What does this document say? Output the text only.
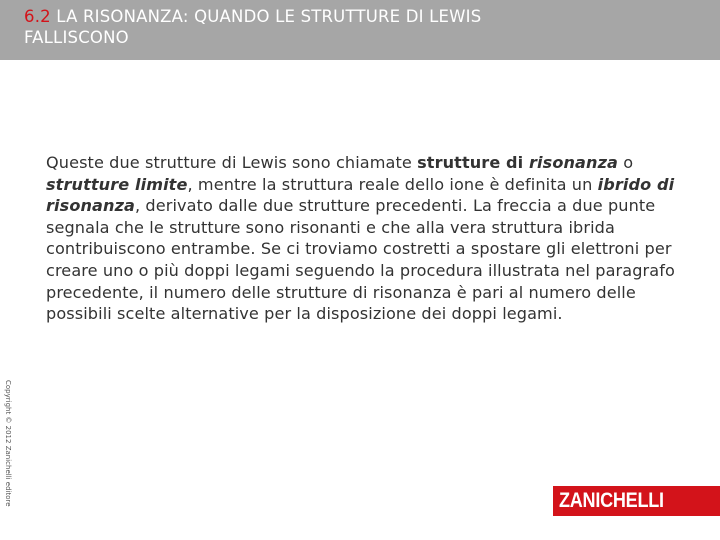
6.2 LA RISONANZA: QUANDO LE STRUTTURE DI LEWIS
FALLISCONO

Queste due strutture di Lewis sono chiamate strutture di risonanza o strutture limite, mentre la struttura reale dello ione è definita un ibrido di risonanza, derivato dalle due strutture precedenti. La freccia a due punte segnala che le strutture sono risonanti e che alla vera struttura ibrida contribuiscono entrambe. Se ci troviamo costretti a spostare gli elettroni per creare uno o più doppi legami seguendo la procedura illustrata nel paragrafo precedente, il numero delle strutture di risonanza è pari al numero delle possibili scelte alternative per la disposizione dei doppi legami.

Copyright © 2012 Zanichelli editore	ZANICHELLI
